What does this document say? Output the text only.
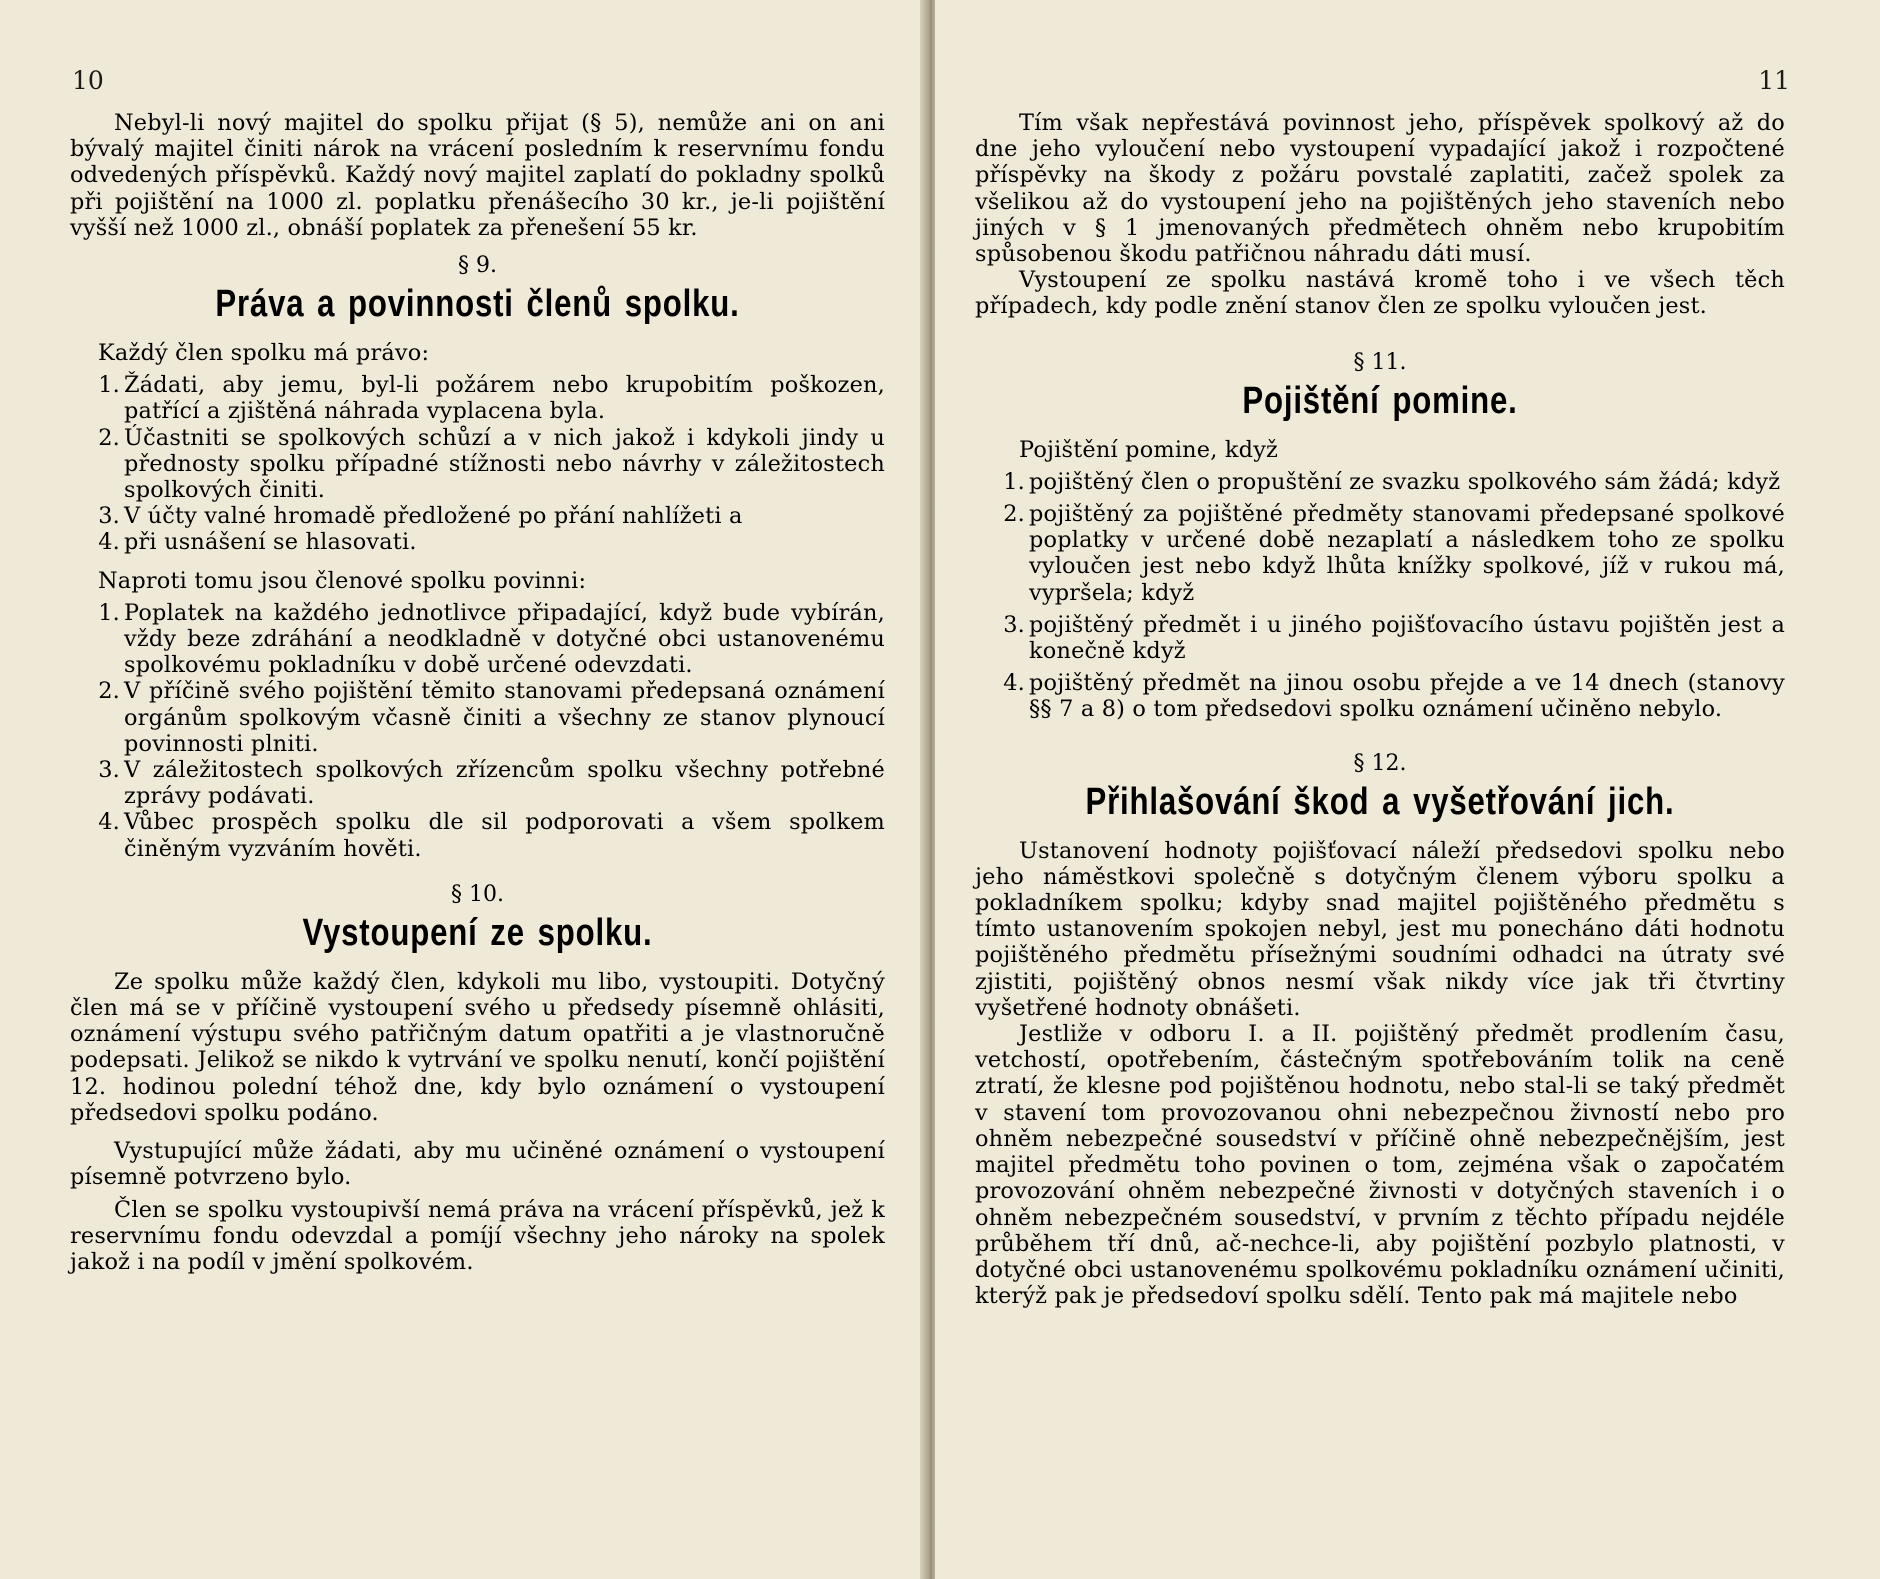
10

Nebyl-li nový majitel do spolku přijat (§ 5), nemůže ani on ani bývalý majitel činiti nárok na vrácení posledním k reservnímu fondu odvedených příspěvků. Každý nový majitel zaplatí do pokladny spolků při pojištění na 1000 zl. poplatku přenášecího 30 kr., je-li pojištění vyšší než 1000 zl., obnáší poplatek za přenešení 55 kr.

§ 9.
Práva a povinnosti členů spolku.

Každý člen spolku má právo:

1. Žádati, aby jemu, byl-li požárem nebo krupobitím poškozen, patřící a zjištěná náhrada vyplacena byla.
2. Účastniti se spolkových schůzí a v nich jakož i kdykoli jindy u přednosty spolku případné stížnosti nebo návrhy v záležitostech spolkových činiti.
3. V účty valné hromadě předložené po přání nahlížeti a
4. při usnášení se hlasovati.

Naproti tomu jsou členové spolku povinni:

1. Poplatek na každého jednotlivce připadající, když bude vybírán, vždy beze zdráhání a neodkladně v dotyčné obci ustanovenému spolkovému pokladníku v době určené odevzdati.
2. V příčině svého pojištění těmito stanovami předepsaná oznámení orgánům spolkovým včasně činiti a všechny ze stanov plynoucí povinnosti plniti.
3. V záležitostech spolkových zřízencům spolku všechny potřebné zprávy podávati.
4. Vůbec prospěch spolku dle sil podporovati a všem spolkem činěným vyzváním hověti.
§ 10.
Vystoupení ze spolku.

Ze spolku může každý člen, kdykoli mu libo, vystoupiti. Dotyčný člen má se v příčině vystoupení svého u předsedy písemně ohlásiti, oznámení výstupu svého patřičným datum opatřiti a je vlastnoručně podepsati. Jelikož se nikdo k vytrvání ve spolku nenutí, končí pojištění 12. hodinou polední téhož dne, kdy bylo oznámení o vystoupení předsedovi spolku podáno.

Vystupující může žádati, aby mu učiněné oznámení o vystoupení písemně potvrzeno bylo.

Člen se spolku vystoupivší nemá práva na vrácení příspěvků, jež k reservnímu fondu odevzdal a pomíjí všechny jeho nároky na spolek jakož i na podíl v jmění spolkovém.

11

Tím však nepřestává povinnost jeho, příspěvek spolkový až do dne jeho vyloučení nebo vystoupení vypadající jakož i rozpočtené příspěvky na škody z požáru povstalé zaplatiti, začež spolek za všelikou až do vystoupení jeho na pojištěných jeho staveních nebo jiných v § 1 jmenovaných předmětech ohněm nebo krupobitím spůsobenou škodu patřičnou náhradu dáti musí.

Vystoupení ze spolku nastává kromě toho i ve všech těch případech, kdy podle znění stanov člen ze spolku vyloučen jest.

§ 11.
Pojištění pomine.

Pojištění pomine, když

1. pojištěný člen o propuštění ze svazku spolkového sám žádá; když
2. pojištěný za pojištěné předměty stanovami předepsané spolkové poplatky v určené době nezaplatí a následkem toho ze spolku vyloučen jest nebo když lhůta knížky spolkové, jíž v rukou má, vypršela; když
3. pojištěný předmět i u jiného pojišťovacího ústavu pojištěn jest a konečně když
4. pojištěný předmět na jinou osobu přejde a ve 14 dnech (stanovy §§ 7 a 8) o tom předsedovi spolku oznámení učiněno nebylo.
§ 12.
Přihlašování škod a vyšetřování jich.

Ustanovení hodnoty pojišťovací náleží předsedovi spolku nebo jeho náměstkovi společně s dotyčným členem výboru spolku a pokladníkem spolku; kdyby snad majitel pojištěného předmětu s tímto ustanovením spokojen nebyl, jest mu ponecháno dáti hodnotu pojištěného předmětu přísežnými soudními odhadci na útraty své zjistiti, pojištěný obnos nesmí však nikdy více jak tři čtvrtiny vyšetřené hodnoty obnášeti.

Jestliže v odboru I. a II. pojištěný předmět prodlením času, vetchostí, opotřebením, částečným spotřebováním tolik na ceně ztratí, že klesne pod pojištěnou hodnotu, nebo stal-li se taký předmět v stavení tom provozovanou ohni nebezpečnou živností nebo pro ohněm nebezpečné sousedství v příčině ohně nebezpečnějším, jest majitel předmětu toho povinen o tom, zejména však o započatém provozování ohněm nebezpečné živnosti v dotyčných staveních i o ohněm nebezpečném sousedství, v prvním z těchto případu nejdéle průběhem tří dnů, ač-nechce-li, aby pojištění pozbylo platnosti, v dotyčné obci ustanovenému spolkovému pokladníku oznámení učiniti, kterýž pak je předsedoví spolku sdělí. Tento pak má majitele nebo
